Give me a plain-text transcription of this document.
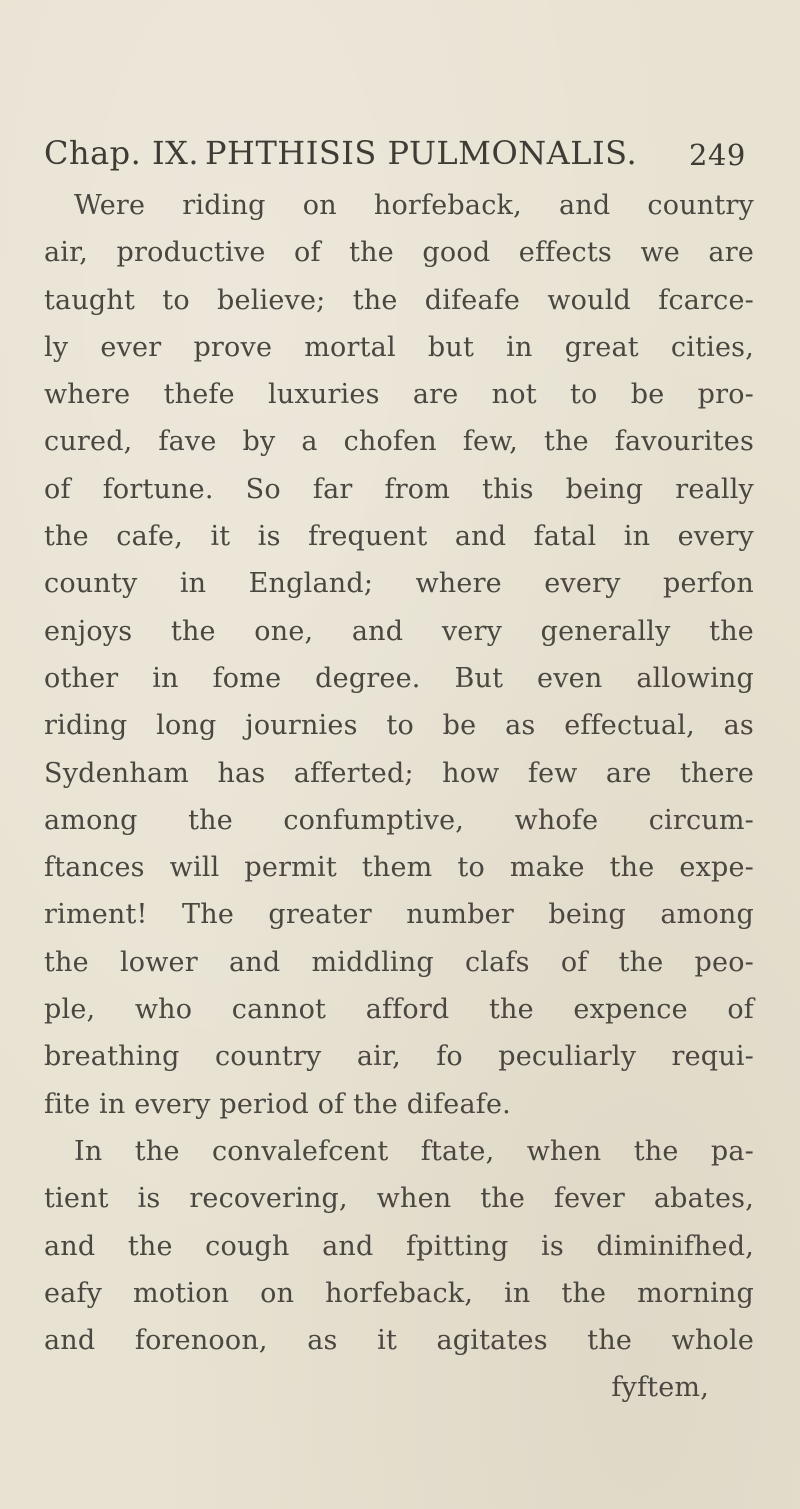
Chap. IX. PHTHISIS PULMONALIS. 249
Were riding on horfeback, and country
air, productive of the good effects we are
taught to believe; the difeafe would fcarce-
ly ever prove mortal but in great cities,
where thefe luxuries are not to be pro-
cured, fave by a chofen few, the favourites
of fortune. So far from this being really
the cafe, it is frequent and fatal in every
county in England; where every perfon
enjoys the one, and very generally the
other in fome degree. But even allowing
riding long journies to be as effectual, as
Sydenham has afferted; how few are there
among the confumptive, whofe circum-
ftances will permit them to make the expe-
riment! The greater number being among
the lower and middling clafs of the peo-
ple, who cannot afford the expence of
breathing country air, fo peculiarly requi-
fite in every period of the difeafe.
In the convalefcent ftate, when the pa-
tient is recovering, when the fever abates,
and the cough and fpitting is diminifhed,
eafy motion on horfeback, in the morning
and forenoon, as it agitates the whole
fyftem,
